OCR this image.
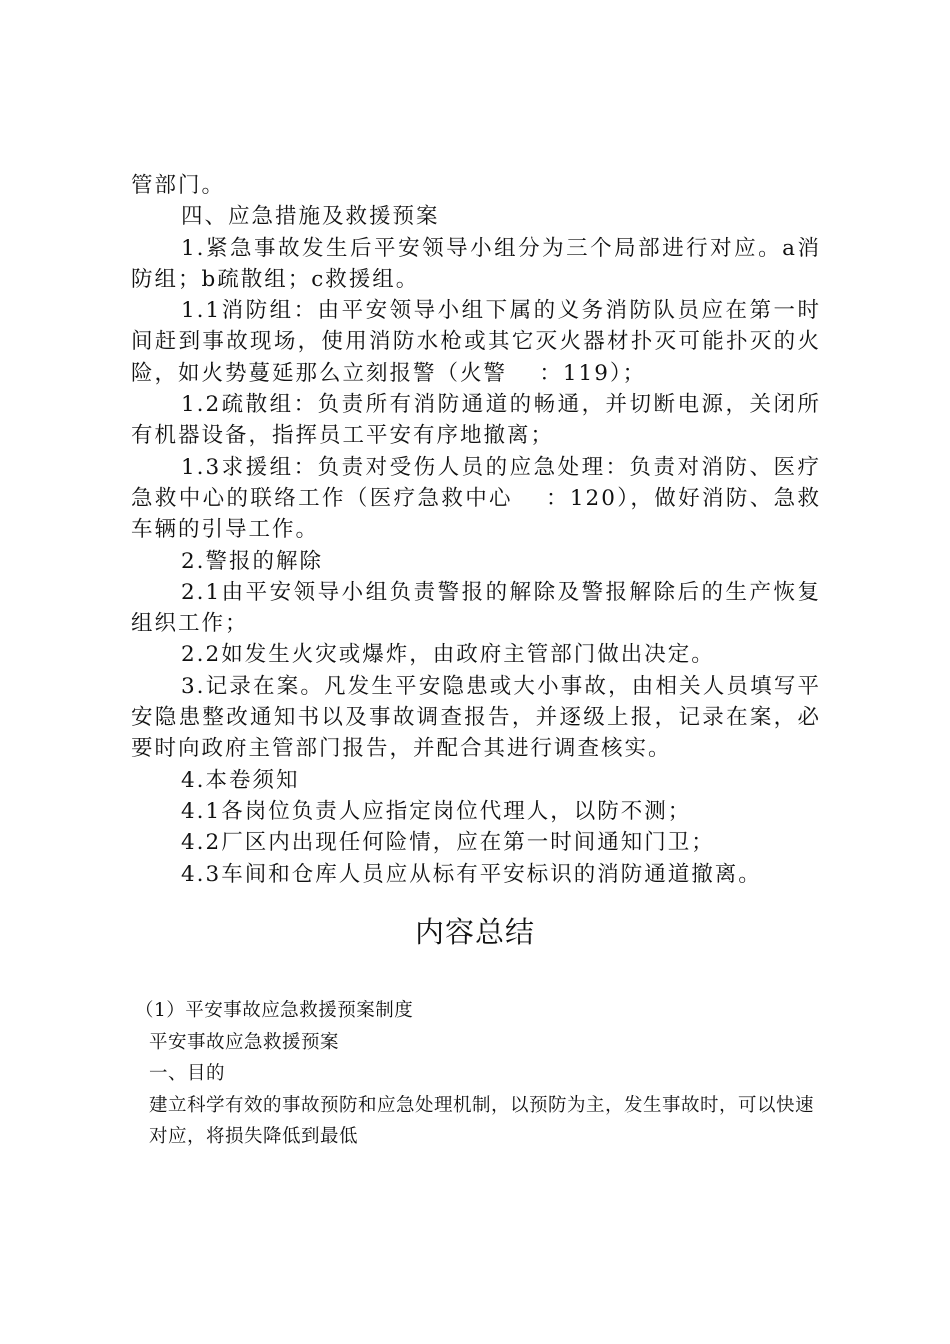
管部门。

四、应急措施及救援预案

1.紧急事故发生后平安领导小组分为三个局部进行对应。a消防组；b疏散组；c救援组。

1.1消防组：由平安领导小组下属的义务消防队员应在第一时间赶到事故现场，使用消防水枪或其它灭火器材扑灭可能扑灭的火险，如火势蔓延那么立刻报警（火警　 ：119）；

1.2疏散组：负责所有消防通道的畅通，并切断电源，关闭所有机器设备，指挥员工平安有序地撤离；

1.3求援组：负责对受伤人员的应急处理：负责对消防、医疗急救中心的联络工作（医疗急救中心　 ：120），做好消防、急救车辆的引导工作。

2.警报的解除

2.1由平安领导小组负责警报的解除及警报解除后的生产恢复组织工作；

2.2如发生火灾或爆炸，由政府主管部门做出决定。

3.记录在案。凡发生平安隐患或大小事故，由相关人员填写平安隐患整改通知书以及事故调查报告，并逐级上报，记录在案，必要时向政府主管部门报告，并配合其进行调查核实。

4.本卷须知

4.1各岗位负责人应指定岗位代理人，以防不测；

4.2厂区内出现任何险情，应在第一时间通知门卫；

4.3车间和仓库人员应从标有平安标识的消防通道撤离。

内容总结

（1）平安事故应急救援预案制度

平安事故应急救援预案

一、目的

建立科学有效的事故预防和应急处理机制，以预防为主，发生事故时，可以快速对应，将损失降低到最低
